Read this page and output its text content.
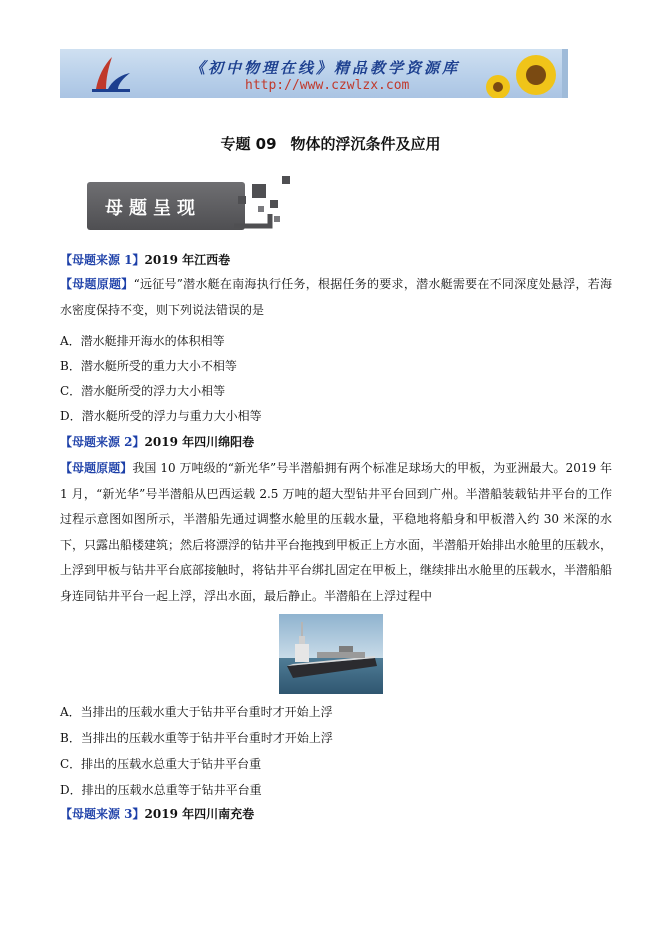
《初中物理在线》精品教学资源库
http://www.czwlzx.com
专题 09 物体的浮沉条件及应用
母题呈现
【母题来源 1】2019 年江西卷
【母题原题】“远征号”潜水艇在南海执行任务，根据任务的要求，潜水艇需要在不同深度处悬浮，若海水密度保持不变，则下列说法错误的是
A．潜水艇排开海水的体积相等
B．潜水艇所受的重力大小不相等
C．潜水艇所受的浮力大小相等
D．潜水艇所受的浮力与重力大小相等
【母题来源 2】2019 年四川绵阳卷
【母题原题】我国 10 万吨级的“新光华”号半潜船拥有两个标准足球场大的甲板，为亚洲最大。2019 年 1 月，“新光华”号半潜船从巴西运载 2.5 万吨的超大型钻井平台回到广州。半潜船装载钻井平台的工作过程示意图如图所示，半潜船先通过调整水舱里的压载水量，平稳地将船身和甲板潜入约 30 米深的水下，只露出船楼建筑；然后将漂浮的钻井平台拖拽到甲板正上方水面，半潜船开始排出水舱里的压载水，上浮到甲板与钻井平台底部接触时，将钻井平台绑扎固定在甲板上，继续排出水舱里的压载水，半潜船船身连同钻井平台一起上浮，浮出水面，最后静止。半潜船在上浮过程中
A．当排出的压载水重大于钻井平台重时才开始上浮
B．当排出的压载水重等于钻井平台重时才开始上浮
C．排出的压载水总重大于钻井平台重
D．排出的压载水总重等于钻井平台重
【母题来源 3】2019 年四川南充卷
